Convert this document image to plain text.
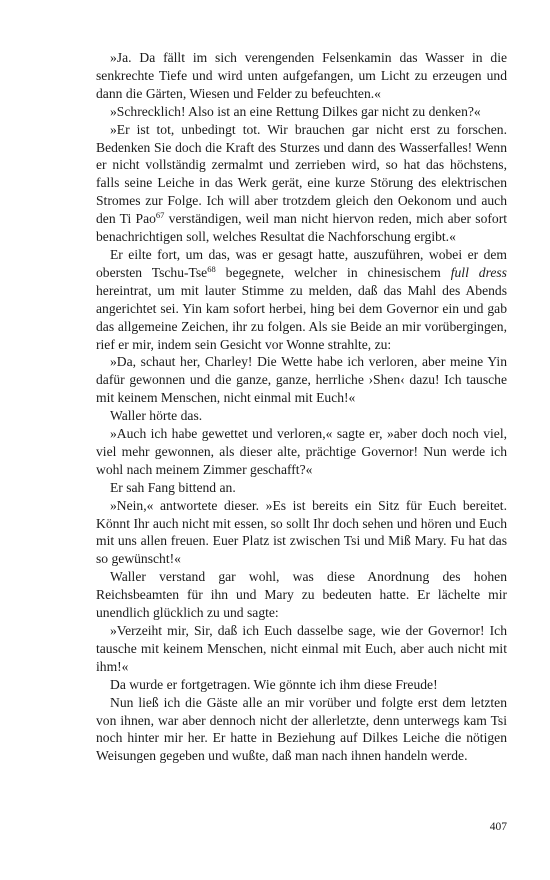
»Ja. Da fällt im sich verengenden Felsenkamin das Wasser in die senkrechte Tiefe und wird unten aufgefangen, um Licht zu erzeugen und dann die Gärten, Wiesen und Felder zu befeuchten.«

»Schrecklich! Also ist an eine Rettung Dilkes gar nicht zu denken?«

»Er ist tot, unbedingt tot. Wir brauchen gar nicht erst zu forschen. Bedenken Sie doch die Kraft des Sturzes und dann des Wasserfalles! Wenn er nicht vollständig zermalmt und zerrieben wird, so hat das höchstens, falls seine Leiche in das Werk gerät, eine kurze Störung des elektrischen Stromes zur Folge. Ich will aber trotzdem gleich den Oekonom und auch den Ti Pao$^{67}$ verständigen, weil man nicht hiervon reden, mich aber sofort benachrichtigen soll, welches Resultat die Nachforschung ergibt.«

Er eilte fort, um das, was er gesagt hatte, auszuführen, wobei er dem obersten Tschu-Tse$^{68}$ begegnete, welcher in chinesischem full dress hereintrat, um mit lauter Stimme zu melden, daß das Mahl des Abends angerichtet sei. Yin kam sofort herbei, hing bei dem Governor ein und gab das allgemeine Zeichen, ihr zu folgen. Als sie Beide an mir vorübergingen, rief er mir, indem sein Gesicht vor Wonne strahlte, zu:

»Da, schaut her, Charley! Die Wette habe ich verloren, aber meine Yin dafür gewonnen und die ganze, ganze, herrliche ›Shen‹ dazu! Ich tausche mit keinem Menschen, nicht einmal mit Euch!«

Waller hörte das.

»Auch ich habe gewettet und verloren,« sagte er, »aber doch noch viel, viel mehr gewonnen, als dieser alte, prächtige Governor! Nun werde ich wohl nach meinem Zimmer geschafft?«

Er sah Fang bittend an.

»Nein,« antwortete dieser. »Es ist bereits ein Sitz für Euch bereitet. Könnt Ihr auch nicht mit essen, so sollt Ihr doch sehen und hören und Euch mit uns allen freuen. Euer Platz ist zwischen Tsi und Miß Mary. Fu hat das so gewünscht!«

Waller verstand gar wohl, was diese Anordnung des hohen Reichsbeamten für ihn und Mary zu bedeuten hatte. Er lächelte mir unendlich glücklich zu und sagte:

»Verzeiht mir, Sir, daß ich Euch dasselbe sage, wie der Governor! Ich tausche mit keinem Menschen, nicht einmal mit Euch, aber auch nicht mit ihm!«

Da wurde er fortgetragen. Wie gönnte ich ihm diese Freude!

Nun ließ ich die Gäste alle an mir vorüber und folgte erst dem letzten von ihnen, war aber dennoch nicht der allerletzte, denn unterwegs kam Tsi noch hinter mir her. Er hatte in Beziehung auf Dilkes Leiche die nötigen Weisungen gegeben und wußte, daß man nach ihnen handeln werde.

407
